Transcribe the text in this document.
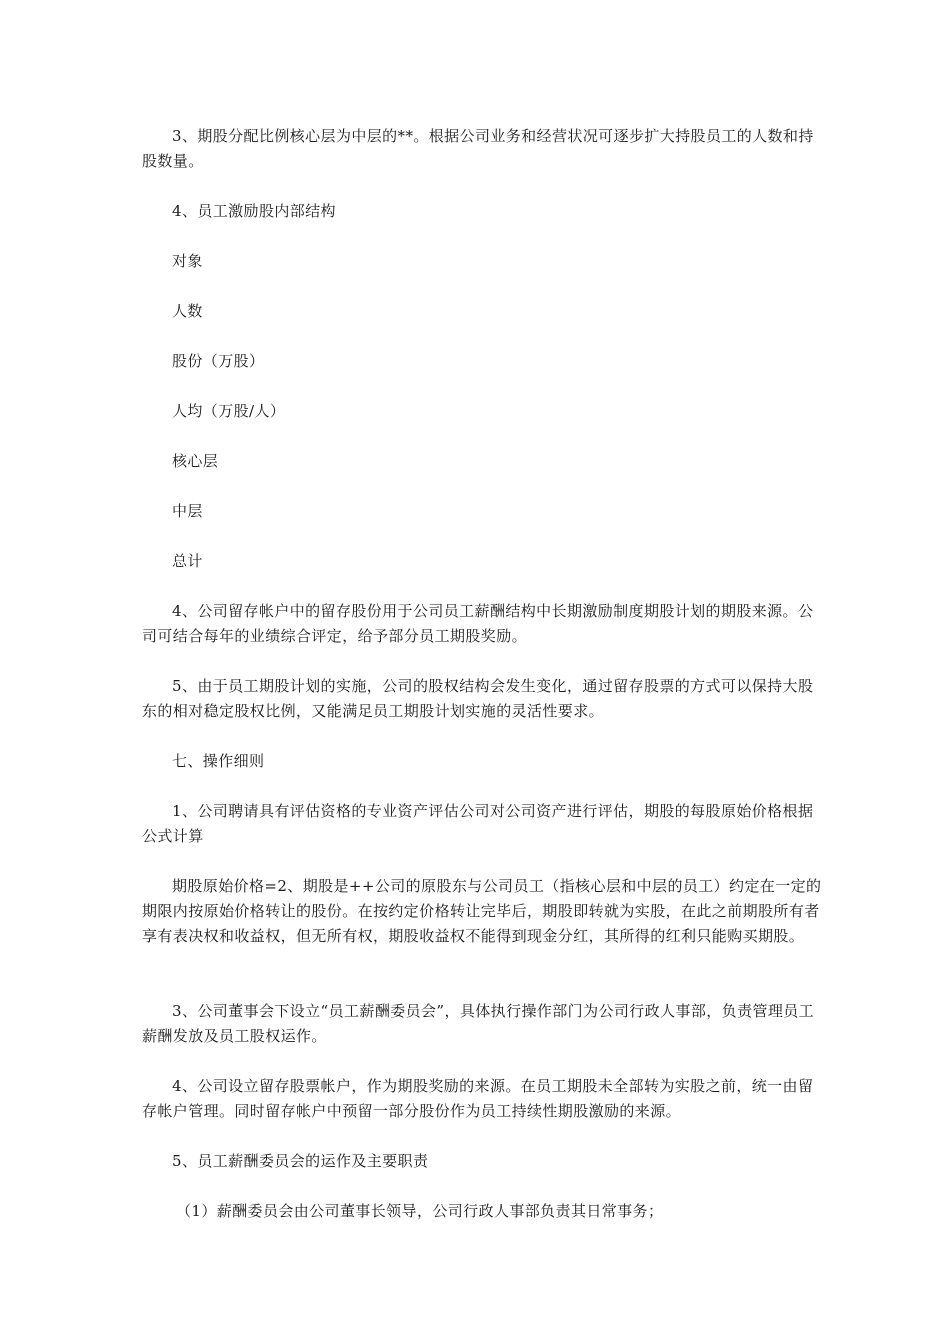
3、期股分配比例核心层为中层的**。根据公司业务和经营状况可逐步扩大持股员工的人数和持股数量。

4、员工激励股内部结构

对象

人数

股份（万股）

人均（万股/人）

核心层

中层

总计

4、公司留存帐户中的留存股份用于公司员工薪酬结构中长期激励制度期股计划的期股来源。公司可结合每年的业绩综合评定，给予部分员工期股奖励。

5、由于员工期股计划的实施，公司的股权结构会发生变化，通过留存股票的方式可以保持大股东的相对稳定股权比例，又能满足员工期股计划实施的灵活性要求。

七、操作细则

1、公司聘请具有评估资格的专业资产评估公司对公司资产进行评估，期股的每股原始价格根据公式计算

期股原始价格=2、期股是++公司的原股东与公司员工（指核心层和中层的员工）约定在一定的期限内按原始价格转让的股份。在按约定价格转让完毕后，期股即转就为实股，在此之前期股所有者享有表决权和收益权，但无所有权，期股收益权不能得到现金分红，其所得的红利只能购买期股。

3、公司董事会下设立“员工薪酬委员会”，具体执行操作部门为公司行政人事部，负责管理员工薪酬发放及员工股权运作。

4、公司设立留存股票帐户，作为期股奖励的来源。在员工期股未全部转为实股之前，统一由留存帐户管理。同时留存帐户中预留一部分股份作为员工持续性期股激励的来源。

5、员工薪酬委员会的运作及主要职责

（1）薪酬委员会由公司董事长领导，公司行政人事部负责其日常事务；
